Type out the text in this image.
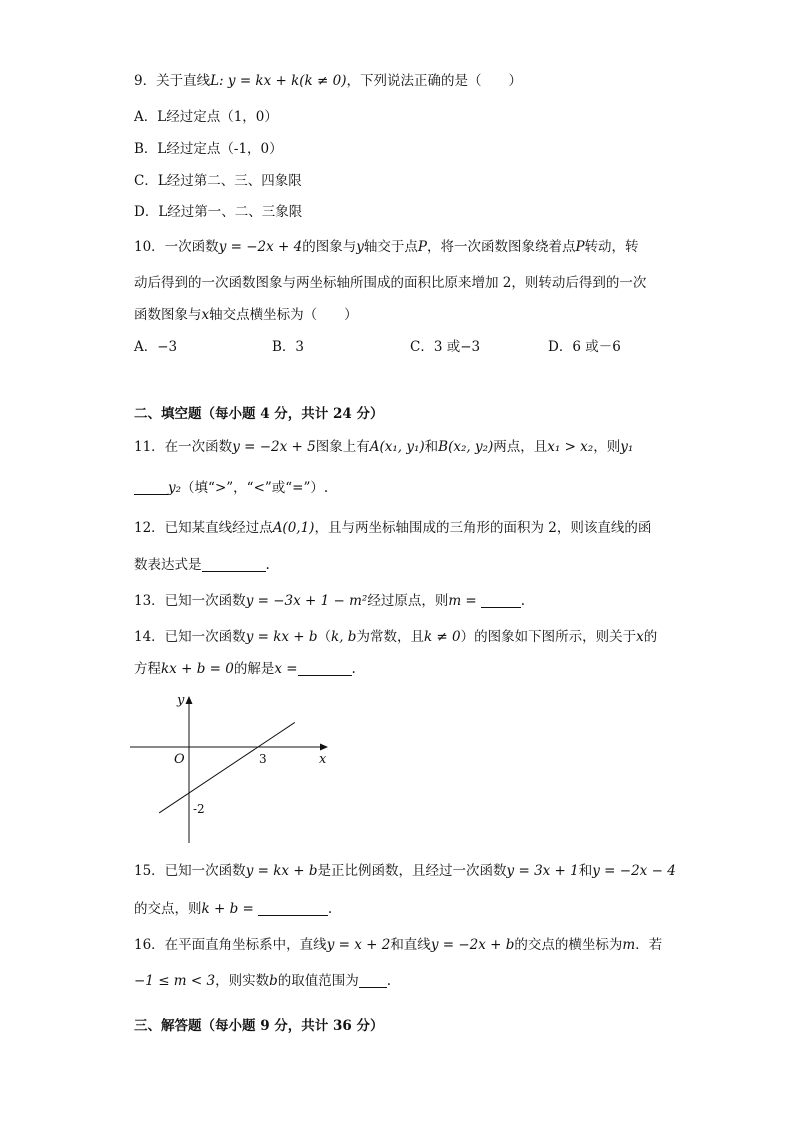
9．关于直线L: y = kx + k(k ≠ 0)，下列说法正确的是（　　）
A．L经过定点（1，0）
B．L经过定点（-1，0）
C．L经过第二、三、四象限
D．L经过第一、二、三象限
10．一次函数y = −2x + 4的图象与y轴交于点P，将一次函数图象绕着点P转动，转
动后得到的一次函数图象与两坐标轴所围成的面积比原来增加 2，则转动后得到的一次
函数图象与x轴交点横坐标为（　　）
A．−3	B．3	C．3 或−3	D．6 或－6
二、填空题（每小题 4 分，共计 24 分）
11．在一次函数y = −2x + 5图象上有A(x₁, y₁)和B(x₂, y₂)两点，且x₁ > x₂，则y₁
y₂（填“>”，“<”或“=”）.
12．已知某直线经过点A(0,1)，且与两坐标轴围成的三角形的面积为 2，则该直线的函
数表达式是	.
13．已知一次函数y = −3x + 1 − m²经过原点，则m =	.
14．已知一次函数y = kx + b（k, b为常数，且k ≠ 0）的图象如下图所示，则关于x的
方程kx + b = 0的解是x =	.
y
x
O	3
-2
15．已知一次函数y = kx + b是正比例函数，且经过一次函数y = 3x + 1和y = −2x − 4
的交点，则k + b =	.
16．在平面直角坐标系中，直线y = x + 2和直线y = −2x + b的交点的横坐标为m．若
−1 ≤ m < 3，则实数b的取值范围为 .
三、解答题（每小题 9 分，共计 36 分）
